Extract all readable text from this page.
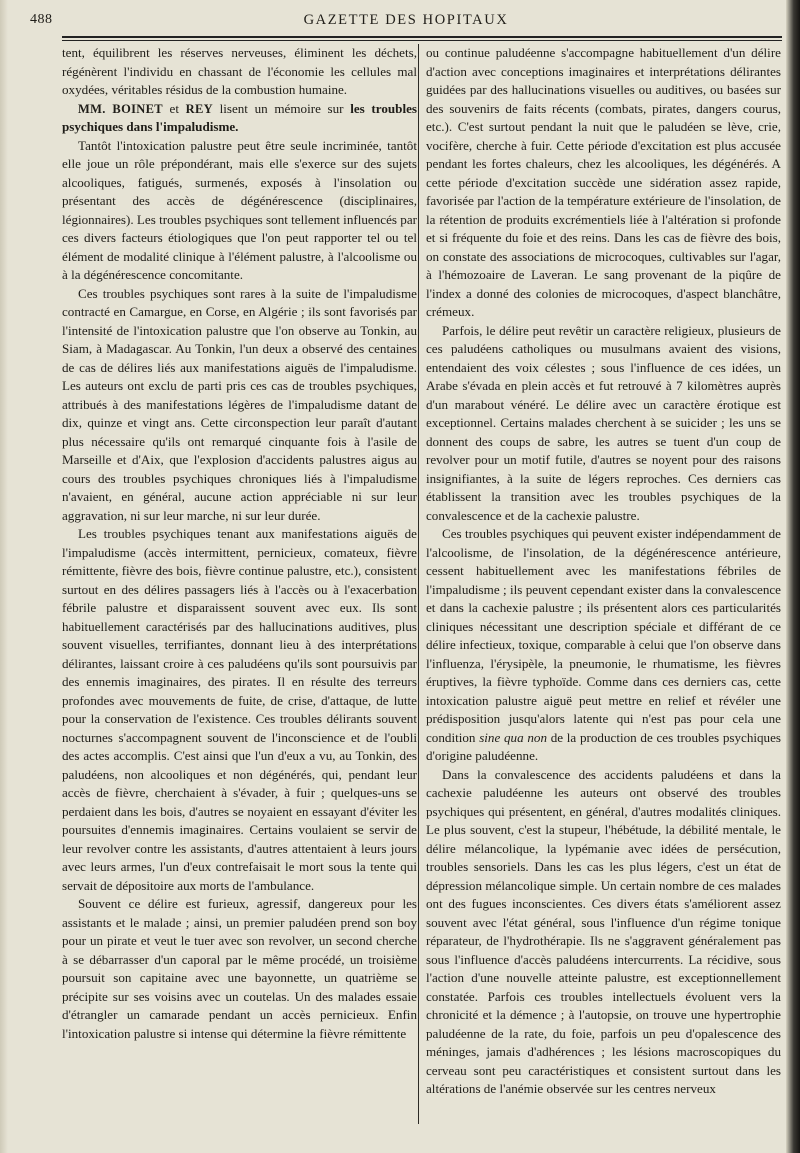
488	GAZETTE DES HOPITAUX

tent, équilibrent les réserves nerveuses, éliminent les déchets, régénèrent l'individu en chassant de l'économie les cellules mal oxydées, véritables résidus de la combustion humaine.

MM. BOINET et REY lisent un mémoire sur les troubles psychiques dans l'impaludisme.

Tantôt l'intoxication palustre peut être seule incriminée, tantôt elle joue un rôle prépondérant, mais elle s'exerce sur des sujets alcooliques, fatigués, surmenés, exposés à l'insolation ou présentant des accès de dégénérescence (disciplinaires, légionnaires). Les troubles psychiques sont tellement influencés par ces divers facteurs étiologiques que l'on peut rapporter tel ou tel élément de modalité clinique à l'élément palustre, à l'alcoolisme ou à la dégénérescence concomitante.

Ces troubles psychiques sont rares à la suite de l'impaludisme contracté en Camargue, en Corse, en Algérie ; ils sont favorisés par l'intensité de l'intoxication palustre que l'on observe au Tonkin, au Siam, à Madagascar. Au Tonkin, l'un deux a observé des centaines de cas de délires liés aux manifestations aiguës de l'impaludisme. Les auteurs ont exclu de parti pris ces cas de troubles psychiques, attribués à des manifestations légères de l'impaludisme datant de dix, quinze et vingt ans. Cette circonspection leur paraît d'autant plus nécessaire qu'ils ont remarqué cinquante fois à l'asile de Marseille et d'Aix, que l'explosion d'accidents palustres aigus au cours des troubles psychiques chroniques liés à l'impaludisme n'avaient, en général, aucune action appréciable ni sur leur aggravation, ni sur leur marche, ni sur leur durée.

Les troubles psychiques tenant aux manifestations aiguës de l'impaludisme (accès intermittent, pernicieux, comateux, fièvre rémittente, fièvre des bois, fièvre continue palustre, etc.), consistent surtout en des délires passagers liés à l'accès ou à l'exacerbation fébrile palustre et disparaissent souvent avec eux. Ils sont habituellement caractérisés par des hallucinations auditives, plus souvent visuelles, terrifiantes, donnant lieu à des interprétations délirantes, laissant croire à ces paludéens qu'ils sont poursuivis par des ennemis imaginaires, des pirates. Il en résulte des terreurs profondes avec mouvements de fuite, de crise, d'attaque, de lutte pour la conservation de l'existence. Ces troubles délirants souvent nocturnes s'accompagnent souvent de l'inconscience et de l'oubli des actes accomplis. C'est ainsi que l'un d'eux a vu, au Tonkin, des paludéens, non alcooliques et non dégénérés, qui, pendant leur accès de fièvre, cherchaient à s'évader, à fuir ; quelques-uns se perdaient dans les bois, d'autres se noyaient en essayant d'éviter les poursuites d'ennemis imaginaires. Certains voulaient se servir de leur revolver contre les assistants, d'autres attentaient à leurs jours avec leurs armes, l'un d'eux contrefaisait le mort sous la tente qui servait de dépositoire aux morts de l'ambulance.

Souvent ce délire est furieux, agressif, dangereux pour les assistants et le malade ; ainsi, un premier paludéen prend son boy pour un pirate et veut le tuer avec son revolver, un second cherche à se débarrasser d'un caporal par le même procédé, un troisième poursuit son capitaine avec une bayonnette, un quatrième se précipite sur ses voisins avec un coutelas. Un des malades essaie d'étrangler un camarade pendant un accès pernicieux. Enfin l'intoxication palustre si intense qui détermine la fièvre rémittente

ou continue paludéenne s'accompagne habituellement d'un délire d'action avec conceptions imaginaires et interprétations délirantes guidées par des hallucinations visuelles ou auditives, ou basées sur des souvenirs de faits récents (combats, pirates, dangers courus, etc.). C'est surtout pendant la nuit que le paludéen se lève, crie, vocifère, cherche à fuir. Cette période d'excitation est plus accusée pendant les fortes chaleurs, chez les alcooliques, les dégénérés. A cette période d'excitation succède une sidération assez rapide, favorisée par l'action de la température extérieure de l'insolation, de la rétention de produits excrémentiels liée à l'altération si profonde et si fréquente du foie et des reins. Dans les cas de fièvre des bois, on constate des associations de microcoques, cultivables sur l'agar, à l'hémozoaire de Laveran. Le sang provenant de la piqûre de l'index a donné des colonies de microcoques, d'aspect blanchâtre, crémeux.

Parfois, le délire peut revêtir un caractère religieux, plusieurs de ces paludéens catholiques ou musulmans avaient des visions, entendaient des voix célestes ; sous l'influence de ces idées, un Arabe s'évada en plein accès et fut retrouvé à 7 kilomètres auprès d'un marabout vénéré. Le délire avec un caractère érotique est exceptionnel. Certains malades cherchent à se suicider ; les uns se donnent des coups de sabre, les autres se tuent d'un coup de revolver pour un motif futile, d'autres se noyent pour des raisons insignifiantes, à la suite de légers reproches. Ces derniers cas établissent la transition avec les troubles psychiques de la convalescence et de la cachexie palustre.

Ces troubles psychiques qui peuvent exister indépendamment de l'alcoolisme, de l'insolation, de la dégénérescence antérieure, cessent habituellement avec les manifestations fébriles de l'impaludisme ; ils peuvent cependant exister dans la convalescence et dans la cachexie palustre ; ils présentent alors ces particularités cliniques nécessitant une description spéciale et différant de ce délire infectieux, toxique, comparable à celui que l'on observe dans l'influenza, l'érysipèle, la pneumonie, le rhumatisme, les fièvres éruptives, la fièvre typhoïde. Comme dans ces derniers cas, cette intoxication palustre aiguë peut mettre en relief et révéler une prédisposition jusqu'alors latente qui n'est pas pour cela une condition sine qua non de la production de ces troubles psychiques d'origine paludéenne.

Dans la convalescence des accidents paludéens et dans la cachexie paludéenne les auteurs ont observé des troubles psychiques qui présentent, en général, d'autres modalités cliniques. Le plus souvent, c'est la stupeur, l'hébétude, la débilité mentale, le délire mélancolique, la lypémanie avec idées de persécution, troubles sensoriels. Dans les cas les plus légers, c'est un état de dépression mélancolique simple. Un certain nombre de ces malades ont des fugues inconscientes. Ces divers états s'améliorent assez souvent avec l'état général, sous l'influence d'un régime tonique réparateur, de l'hydrothérapie. Ils ne s'aggravent généralement pas sous l'influence d'accès paludéens intercurrents. La récidive, sous l'action d'une nouvelle atteinte palustre, est exceptionnellement constatée. Parfois ces troubles intellectuels évoluent vers la chronicité et la démence ; à l'autopsie, on trouve une hypertrophie paludéenne de la rate, du foie, parfois un peu d'opalescence des méninges, jamais d'adhérences ; les lésions macroscopiques du cerveau sont peu caractéristiques et consistent surtout dans les altérations de l'anémie observée sur les centres nerveux
